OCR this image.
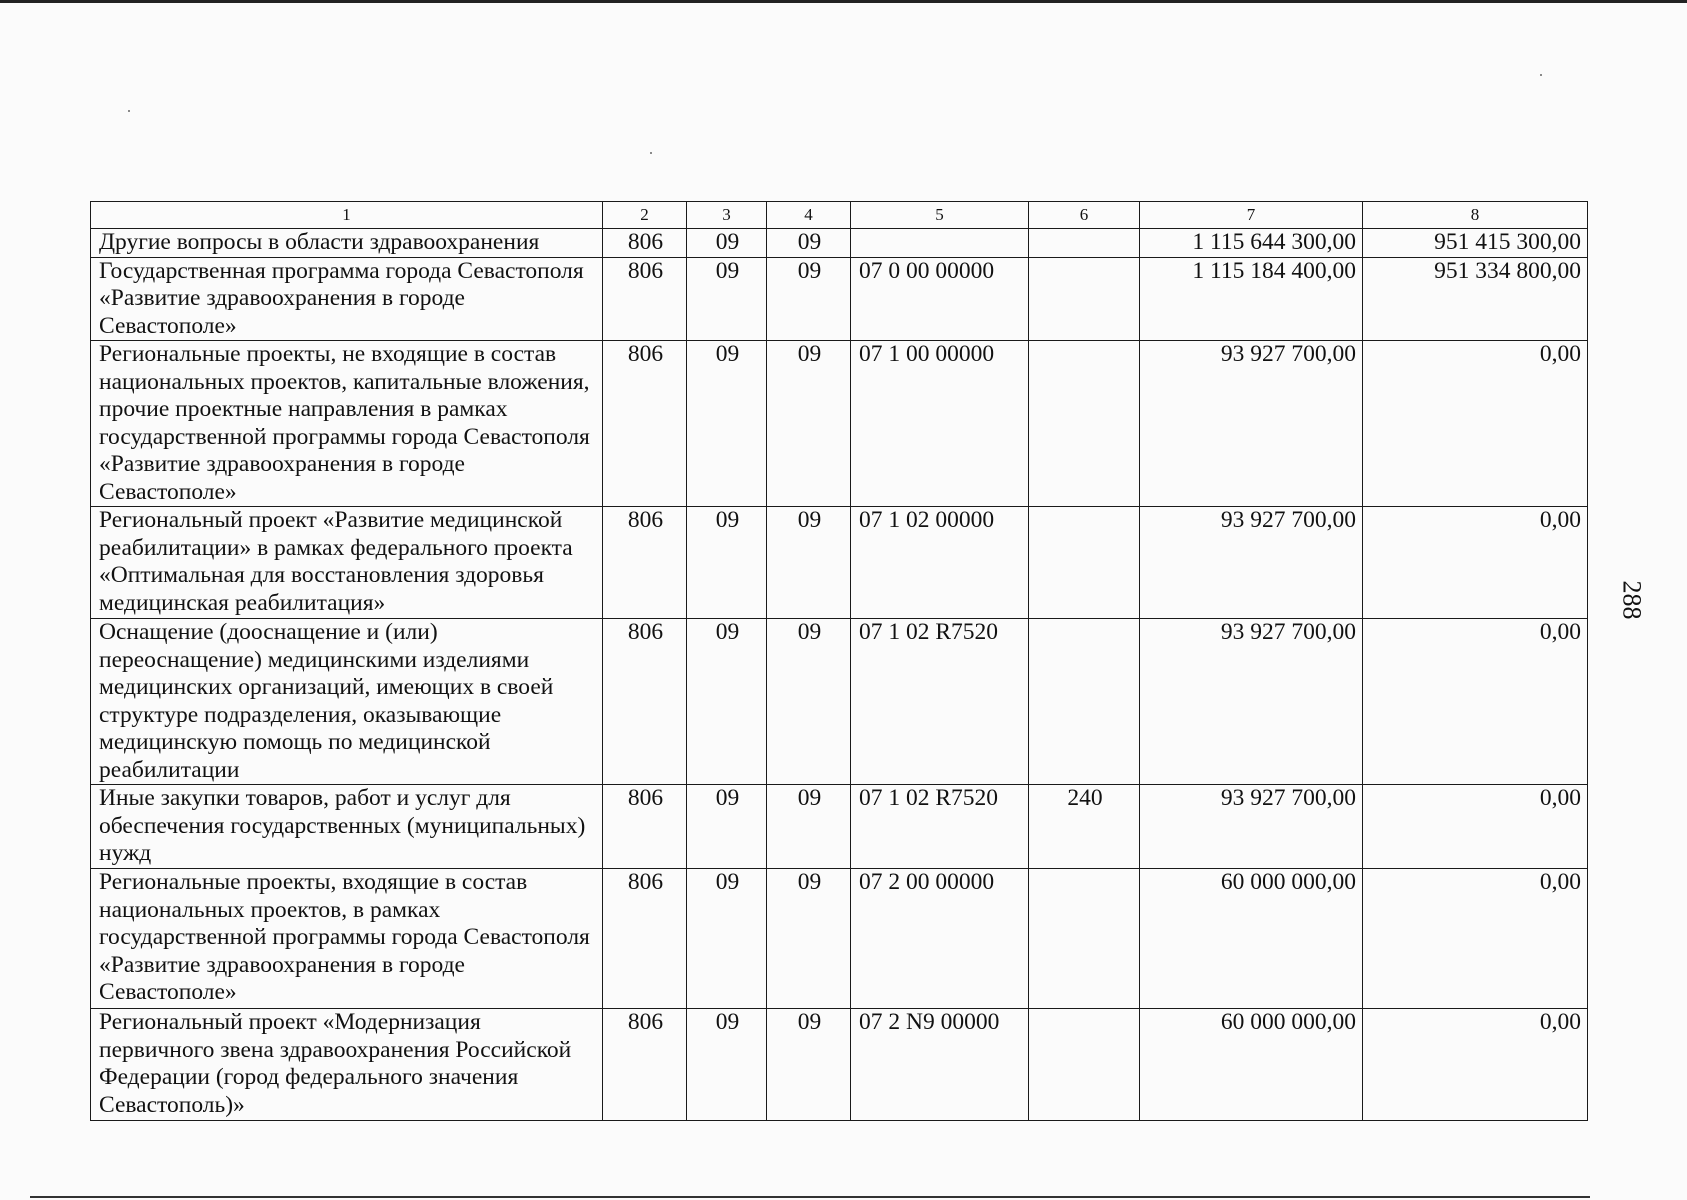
1	2	3	4	5	6	7	8
Другие вопросы в области здравоохранения	806	09	09			1 115 644 300,00	951 415 300,00
Государственная программа города Севастополя «Развитие здравоохранения в городе Севастополе»	806	09	09	07 0 00 00000		1 115 184 400,00	951 334 800,00
Региональные проекты, не входящие в состав национальных проектов, капитальные вложения, прочие проектные направления в рамках государственной программы города Севастополя «Развитие здравоохранения в городе Севастополе»	806	09	09	07 1 00 00000		93 927 700,00	0,00
Региональный проект «Развитие медицинской реабилитации» в рамках федерального проекта «Оптимальная для восстановления здоровья медицинская реабилитация»	806	09	09	07 1 02 00000		93 927 700,00	0,00
Оснащение (дооснащение и (или) переоснащение) медицинскими изделиями медицинских организаций, имеющих в своей структуре подразделения, оказывающие медицинскую помощь по медицинской реабилитации	806	09	09	07 1 02 R7520		93 927 700,00	0,00
Иные закупки товаров, работ и услуг для обеспечения государственных (муниципальных) нужд	806	09	09	07 1 02 R7520	240	93 927 700,00	0,00
Региональные проекты, входящие в состав национальных проектов, в рамках государственной программы города Севастополя «Развитие здравоохранения в городе Севастополе»	806	09	09	07 2 00 00000		60 000 000,00	0,00
Региональный проект «Модернизация первичного звена здравоохранения Российской Федерации (город федерального значения Севастополь)»	806	09	09	07 2 N9 00000		60 000 000,00	0,00
288
